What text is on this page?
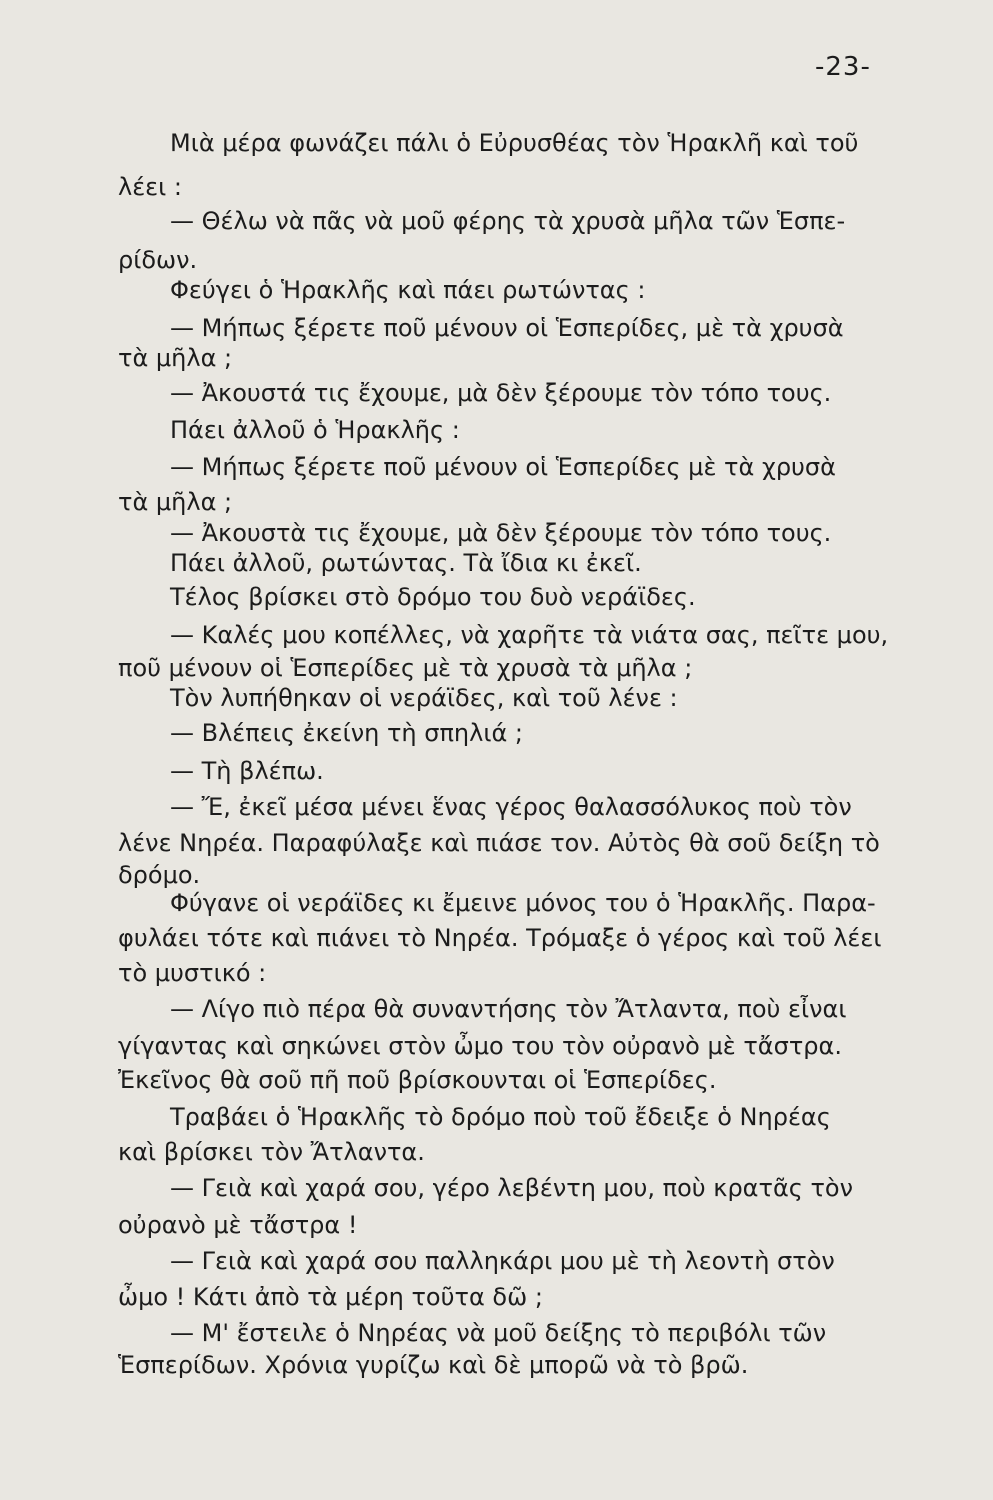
-23-
Μιὰ μέρα φωνάζει πάλι ὁ Εὐρυσθέας τὸν Ἡρακλῆ καὶ τοῦ
λέει :
— Θέλω νὰ πᾶς νὰ μοῦ φέρης τὰ χρυσὰ μῆλα τῶν Ἑσπε-
ρίδων.
Φεύγει ὁ Ἡρακλῆς καὶ πάει ρωτώντας :
— Μήπως ξέρετε ποῦ μένουν οἱ Ἑσπερίδες, μὲ τὰ χρυσὰ
τὰ μῆλα ;
— Ἀκουστά τις ἔχουμε, μὰ δὲν ξέρουμε τὸν τόπο τους.
Πάει ἀλλοῦ ὁ Ἡρακλῆς :
— Μήπως ξέρετε ποῦ μένουν οἱ Ἑσπερίδες μὲ τὰ χρυσὰ
τὰ μῆλα ;
— Ἀκουστὰ τις ἔχουμε, μὰ δὲν ξέρουμε τὸν τόπο τους.
Πάει ἀλλοῦ, ρωτώντας. Τὰ ἴδια κι ἐκεῖ.
Τέλος βρίσκει στὸ δρόμο του δυὸ νεράϊδες.
— Καλές μου κοπέλλες, νὰ χαρῆτε τὰ νιάτα σας, πεῖτε μου,
ποῦ μένουν οἱ Ἑσπερίδες μὲ τὰ χρυσὰ τὰ μῆλα ;
Τὸν λυπήθηκαν οἱ νεράϊδες, καὶ τοῦ λένε :
— Βλέπεις ἐκείνη τὴ σπηλιά ;
— Τὴ βλέπω.
— Ἔ, ἐκεῖ μέσα μένει ἕνας γέρος θαλασσόλυκος ποὺ τὸν
λένε Νηρέα. Παραφύλαξε καὶ πιάσε τον. Αὐτὸς θὰ σοῦ δείξη τὸ
δρόμο.
Φύγανε οἱ νεράϊδες κι ἔμεινε μόνος του ὁ Ἡρακλῆς. Παρα-
φυλάει τότε καὶ πιάνει τὸ Νηρέα. Τρόμαξε ὁ γέρος καὶ τοῦ λέει
τὸ μυστικό :
— Λίγο πιὸ πέρα θὰ συναντήσης τὸν Ἄτλαντα, ποὺ εἶναι
γίγαντας καὶ σηκώνει στὸν ὦμο του τὸν οὐρανὸ μὲ τἄστρα.
Ἐκεῖνος θὰ σοῦ πῆ ποῦ βρίσκουνται οἱ Ἑσπερίδες.
Τραβάει ὁ Ἡρακλῆς τὸ δρόμο ποὺ τοῦ ἔδειξε ὁ Νηρέας
καὶ βρίσκει τὸν Ἄτλαντα.
— Γειὰ καὶ χαρά σου, γέρο λεβέντη μου, ποὺ κρατᾶς τὸν
οὐρανὸ μὲ τἄστρα !
— Γειὰ καὶ χαρά σου παλληκάρι μου μὲ τὴ λεοντὴ στὸν
ὦμο ! Κάτι ἀπὸ τὰ μέρη τοῦτα δῶ ;
— Μ' ἔστειλε ὁ Νηρέας νὰ μοῦ δείξης τὸ περιβόλι τῶν
Ἑσπερίδων. Χρόνια γυρίζω καὶ δὲ μπορῶ νὰ τὸ βρῶ.
